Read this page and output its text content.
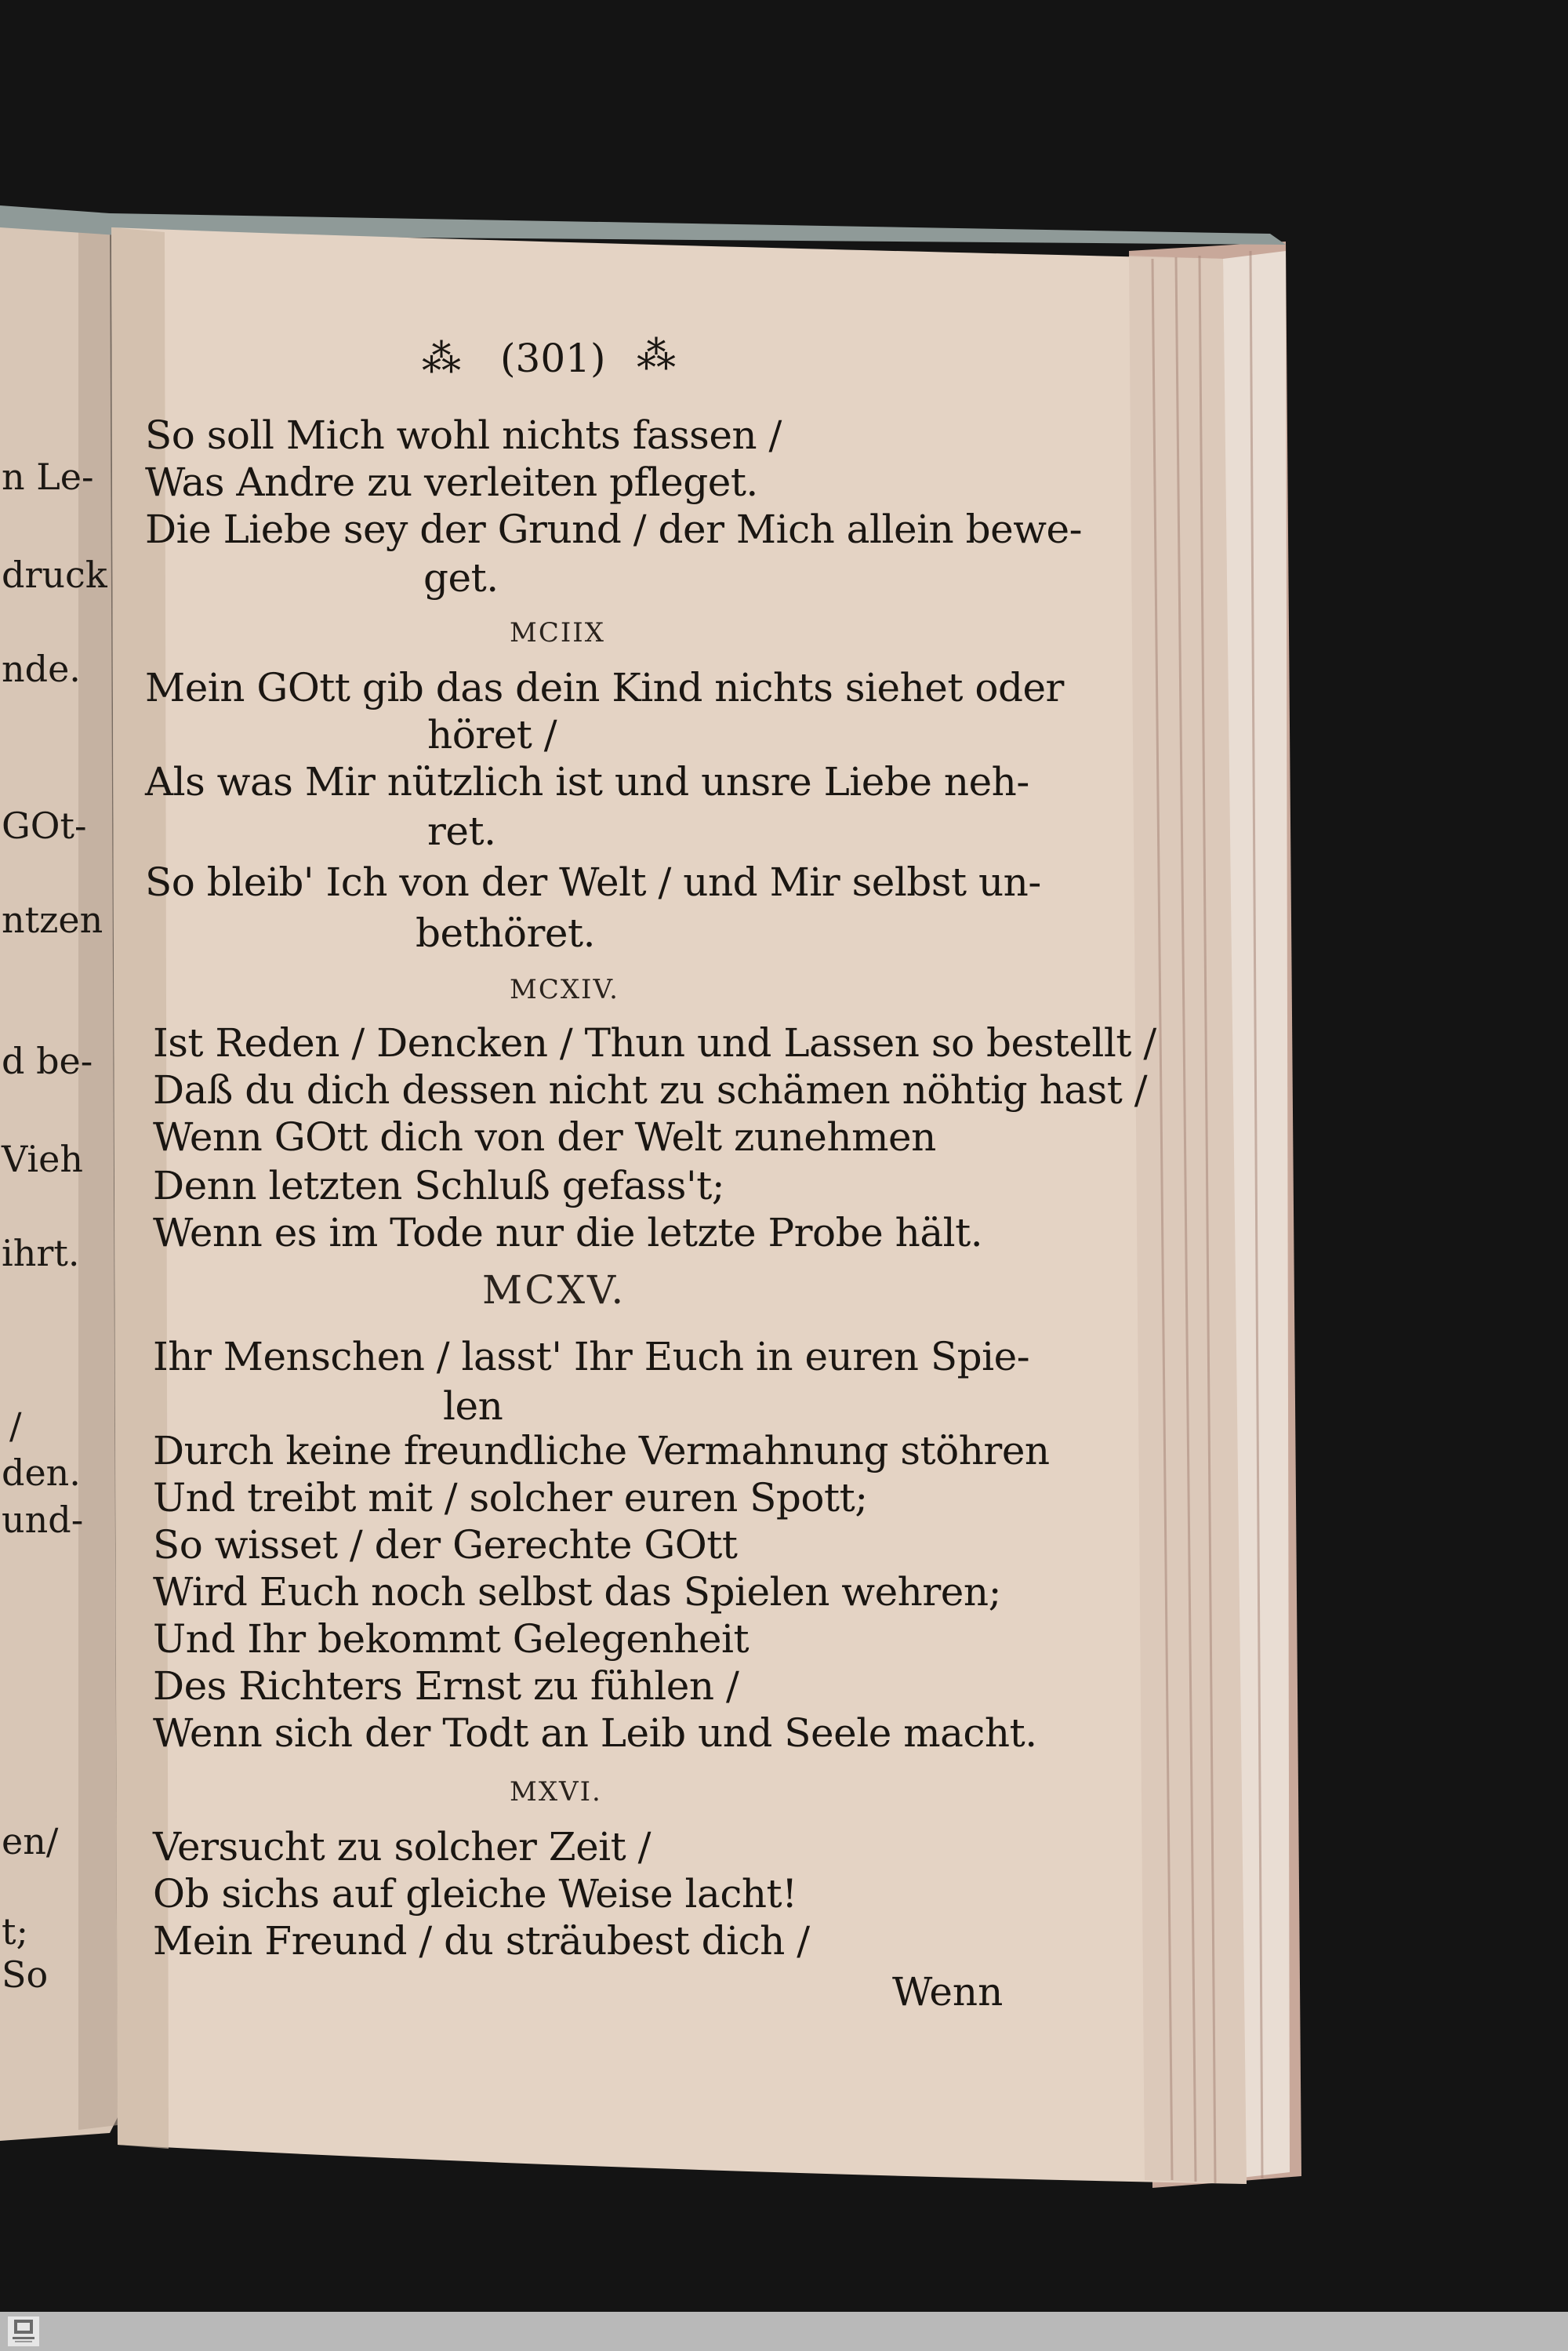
n Le-
druck
nde.
GOt-
ntzen
d be-
Vieh
ihrt.
/
den.
und-
en/
t;
So
⁂ (301) ⁂
So soll Mich wohl nichts fassen /
Was Andre zu verleiten pfleget.
Die Liebe sey der Grund / der Mich allein bewe-
get.
MCIIX
Mein GOtt gib das dein Kind nichts siehet oder
höret /
Als was Mir nützlich ist und unsre Liebe neh-
ret.
So bleib' Ich von der Welt / und Mir selbst un-
bethöret.
MCXIV.
Ist Reden / Dencken / Thun und Lassen so bestellt /
Daß du dich dessen nicht zu schämen nöhtig hast /
Wenn GOtt dich von der Welt zunehmen
Denn letzten Schluß gefass't;
Wenn es im Tode nur die letzte Probe hält.
MCXV.
Ihr Menschen / lasst' Ihr Euch in euren Spie-
len
Durch keine freundliche Vermahnung stöhren
Und treibt mit / solcher euren Spott;
So wisset / der Gerechte GOtt
Wird Euch noch selbst das Spielen wehren;
Und Ihr bekommt Gelegenheit
Des Richters Ernst zu fühlen /
Wenn sich der Todt an Leib und Seele macht.
MXVI.
Versucht zu solcher Zeit /
Ob sichs auf gleiche Weise lacht!
Mein Freund / du sträubest dich /
Wenn
